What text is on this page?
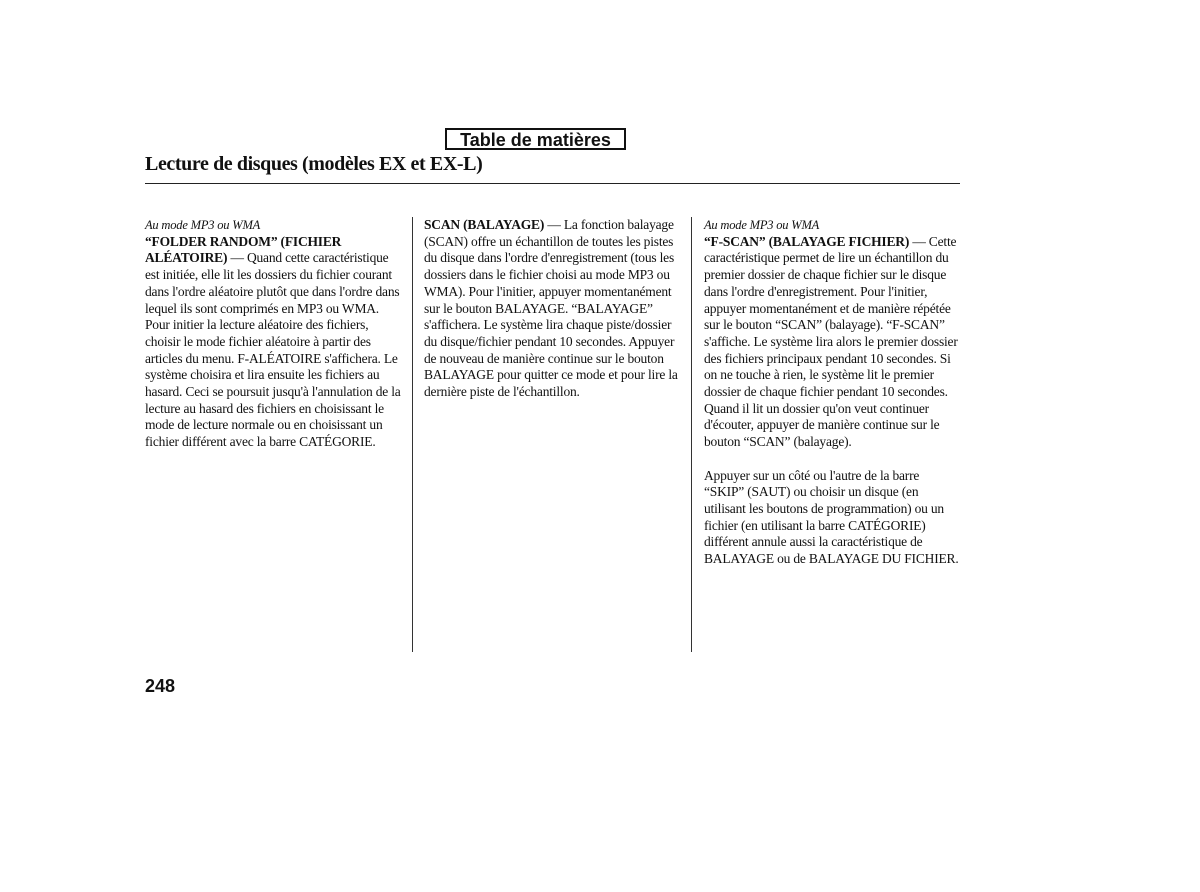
Table de matières
Lecture de disques (modèles EX et EX-L)

Au mode MP3 ou WMA

“FOLDER RANDOM” (FICHIER ALÉATOIRE) — Quand cette caractéristique est initiée, elle lit les dossiers du fichier courant dans l'ordre aléatoire plutôt que dans l'ordre dans lequel ils sont comprimés en MP3 ou WMA. Pour initier la lecture aléatoire des fichiers, choisir le mode fichier aléatoire à partir des articles du menu. F-ALÉATOIRE s'affichera. Le système choisira et lira ensuite les fichiers au hasard. Ceci se poursuit jusqu'à l'annulation de la lecture au hasard des fichiers en choisissant le mode de lecture normale ou en choisissant un fichier différent avec la barre CATÉGORIE.

SCAN (BALAYAGE) — La fonction balayage (SCAN) offre un échantillon de toutes les pistes du disque dans l'ordre d'enregistrement (tous les dossiers dans le fichier choisi au mode MP3 ou WMA). Pour l'initier, appuyer momentanément sur le bouton BALAYAGE. “BALAYAGE” s'affichera. Le système lira chaque piste/dossier du disque/fichier pendant 10 secondes. Appuyer de nouveau de manière continue sur le bouton BALAYAGE pour quitter ce mode et pour lire la dernière piste de l'échantillon.

Au mode MP3 ou WMA

“F-SCAN” (BALAYAGE FICHIER) — Cette caractéristique permet de lire un échantillon du premier dossier de chaque fichier sur le disque dans l'ordre d'enregistrement. Pour l'initier, appuyer momentanément et de manière répétée sur le bouton “SCAN” (balayage). “F-SCAN” s'affiche. Le système lira alors le premier dossier des fichiers principaux pendant 10 secondes. Si on ne touche à rien, le système lit le premier dossier de chaque fichier pendant 10 secondes. Quand il lit un dossier qu'on veut continuer d'écouter, appuyer de manière continue sur le bouton “SCAN” (balayage).

Appuyer sur un côté ou l'autre de la barre “SKIP” (SAUT) ou choisir un disque (en utilisant les boutons de programmation) ou un fichier (en utilisant la barre CATÉGORIE) différent annule aussi la caractéristique de BALAYAGE ou de BALAYAGE DU FICHIER.

248
